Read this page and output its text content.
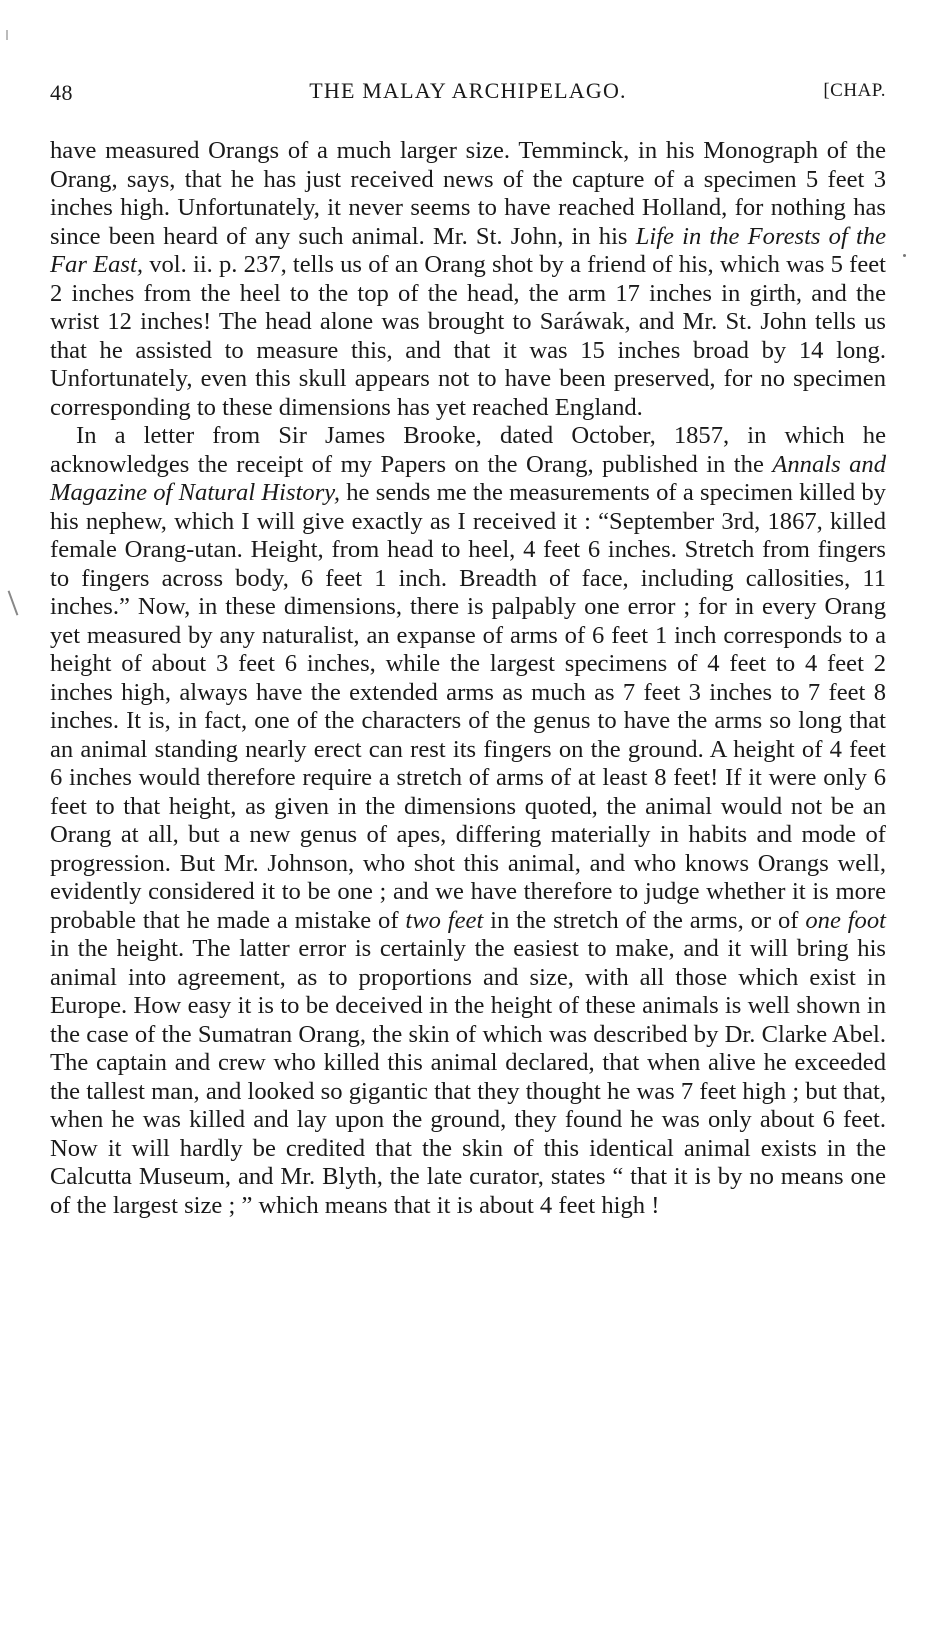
48	THE MALAY ARCHIPELAGO.	[CHAP.

have measured Orangs of a much larger size. Temminck, in his Monograph of the Orang, says, that he has just received news of the capture of a specimen 5 feet 3 inches high. Unfortunately, it never seems to have reached Holland, for nothing has since been heard of any such animal. Mr. St. John, in his Life in the Forests of the Far East, vol. ii. p. 237, tells us of an Orang shot by a friend of his, which was 5 feet 2 inches from the heel to the top of the head, the arm 17 inches in girth, and the wrist 12 inches! The head alone was brought to Saráwak, and Mr. St. John tells us that he assisted to measure this, and that it was 15 inches broad by 14 long. Unfortunately, even this skull appears not to have been preserved, for no specimen corresponding to these dimensions has yet reached England.

In a letter from Sir James Brooke, dated October, 1857, in which he acknowledges the receipt of my Papers on the Orang, published in the Annals and Magazine of Natural History, he sends me the measurements of a specimen killed by his nephew, which I will give exactly as I received it : “September 3rd, 1867, killed female Orang-utan. Height, from head to heel, 4 feet 6 inches. Stretch from fingers to fingers across body, 6 feet 1 inch. Breadth of face, including callosities, 11 inches.” Now, in these dimensions, there is palpably one error ; for in every Orang yet measured by any naturalist, an expanse of arms of 6 feet 1 inch corresponds to a height of about 3 feet 6 inches, while the largest specimens of 4 feet to 4 feet 2 inches high, always have the extended arms as much as 7 feet 3 inches to 7 feet 8 inches. It is, in fact, one of the characters of the genus to have the arms so long that an animal standing nearly erect can rest its fingers on the ground. A height of 4 feet 6 inches would therefore require a stretch of arms of at least 8 feet! If it were only 6 feet to that height, as given in the dimensions quoted, the animal would not be an Orang at all, but a new genus of apes, differing materially in habits and mode of progression. But Mr. Johnson, who shot this animal, and who knows Orangs well, evidently considered it to be one ; and we have therefore to judge whether it is more probable that he made a mistake of two feet in the stretch of the arms, or of one foot in the height. The latter error is certainly the easiest to make, and it will bring his animal into agreement, as to proportions and size, with all those which exist in Europe. How easy it is to be deceived in the height of these animals is well shown in the case of the Sumatran Orang, the skin of which was described by Dr. Clarke Abel. The captain and crew who killed this animal declared, that when alive he exceeded the tallest man, and looked so gigantic that they thought he was 7 feet high ; but that, when he was killed and lay upon the ground, they found he was only about 6 feet. Now it will hardly be credited that the skin of this identical animal exists in the Calcutta Museum, and Mr. Blyth, the late curator, states “ that it is by no means one of the largest size ; ” which means that it is about 4 feet high !
